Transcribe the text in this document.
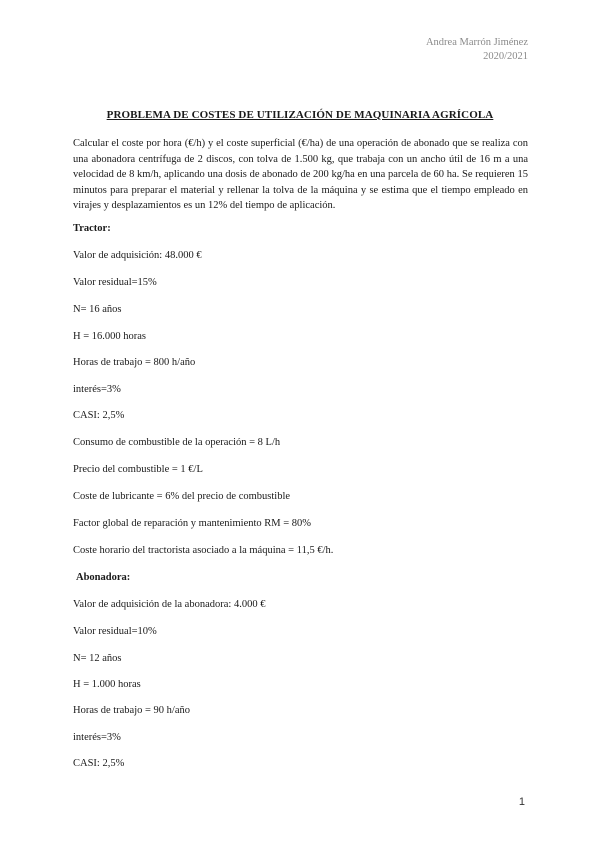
Andrea Marrón Jiménez
2020/2021
PROBLEMA DE COSTES DE UTILIZACIÓN DE MAQUINARIA AGRÍCOLA
Calcular el coste por hora (€/h) y el coste superficial (€/ha) de una operación de abonado que se realiza con una abonadora centrífuga de 2 discos, con tolva de 1.500 kg, que trabaja con un ancho útil de 16 m a una velocidad de 8 km/h, aplicando una dosis de abonado de 200 kg/ha en una parcela de 60 ha. Se requieren 15 minutos para preparar el material y rellenar la tolva de la máquina y se estima que el tiempo empleado en virajes y desplazamientos es un 12% del tiempo de aplicación.
Tractor:
Valor de adquisición: 48.000 €
Valor residual=15%
N= 16 años
H = 16.000 horas
Horas de trabajo = 800 h/año
interés=3%
CASI: 2,5%
Consumo de combustible de la operación = 8 L/h
Precio del combustible = 1 €/L
Coste de lubricante = 6% del precio de combustible
Factor global de reparación y mantenimiento RM = 80%
Coste horario del tractorista asociado a la máquina = 11,5 €/h.
Abonadora:
Valor de adquisición de la abonadora: 4.000 €
Valor residual=10%
N= 12 años
H = 1.000 horas
Horas de trabajo = 90 h/año
interés=3%
CASI: 2,5%
1
